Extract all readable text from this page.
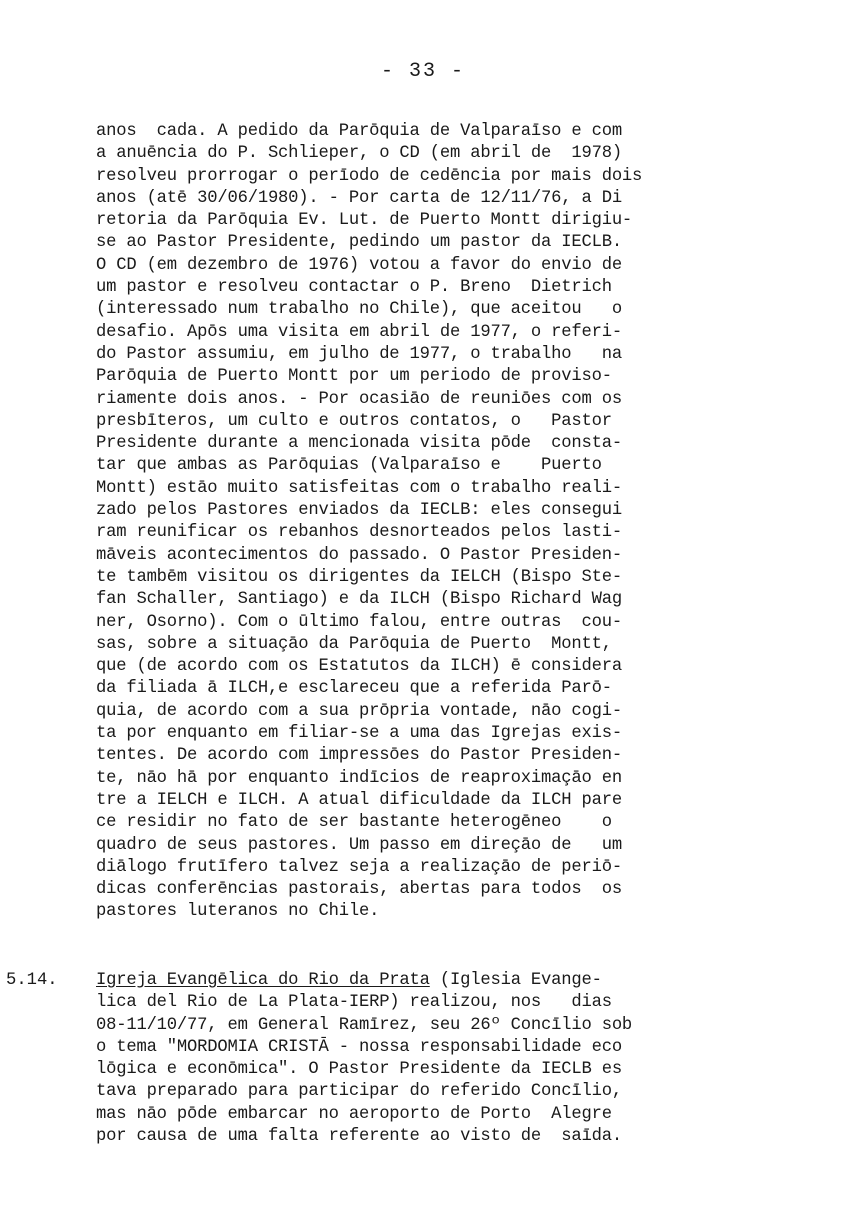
- 33 -
anos  cada. A pedido da Parōquia de Valparaīso e com
a anuēncia do P. Schlieper, o CD (em abril de  1978)
resolveu prorrogar o perīodo de cedēncia por mais dois
anos (atē 30/06/1980). - Por carta de 12/11/76, a Di
retoria da Parōquia Ev. Lut. de Puerto Montt dirigiu-
se ao Pastor Presidente, pedindo um pastor da IECLB.
O CD (em dezembro de 1976) votou a favor do envio de
um pastor e resolveu contactar o P. Breno  Dietrich
(interessado num trabalho no Chile), que aceitou   o
desafio. Apōs uma visita em abril de 1977, o referi-
do Pastor assumiu, em julho de 1977, o trabalho   na
Parōquia de Puerto Montt por um periodo de proviso-
riamente dois anos. - Por ocasiāo de reuniōes com os
presbīteros, um culto e outros contatos, o   Pastor
Presidente durante a mencionada visita pōde  consta-
tar que ambas as Parōquias (Valparaīso e    Puerto
Montt) estāo muito satisfeitas com o trabalho reali-
zado pelos Pastores enviados da IECLB: eles consegui
ram reunificar os rebanhos desnorteados pelos lasti-
māveis acontecimentos do passado. O Pastor Presiden-
te tambēm visitou os dirigentes da IELCH (Bispo Ste-
fan Schaller, Santiago) e da ILCH (Bispo Richard Wag
ner, Osorno). Com o ūltimo falou, entre outras  cou-
sas, sobre a situaçāo da Parōquia de Puerto  Montt,
que (de acordo com os Estatutos da ILCH) ē considera
da filiada ā ILCH,e esclareceu que a referida Parō-
quia, de acordo com a sua prōpria vontade, nāo cogi-
ta por enquanto em filiar-se a uma das Igrejas exis-
tentes. De acordo com impressōes do Pastor Presiden-
te, nāo hā por enquanto indīcios de reaproximaçāo en
tre a IELCH e ILCH. A atual dificuldade da ILCH pare
ce residir no fato de ser bastante heterogēneo    o
quadro de seus pastores. Um passo em direçāo de   um
diālogo frutīfero talvez seja a realizaçāo de periō-
dicas conferēncias pastorais, abertas para todos  os
pastores luteranos no Chile.
5.14. Igreja Evangēlica do Rio da Prata (Iglesia Evange-
lica del Rio de La Plata-IERP) realizou, nos   dias
08-11/10/77, em General Ramīrez, seu 26º Concīlio sob
o tema "MORDOMIA CRISTĀ - nossa responsabilidade eco
lōgica e econōmica". O Pastor Presidente da IECLB es
tava preparado para participar do referido Concīlio,
mas nāo pōde embarcar no aeroporto de Porto  Alegre
por causa de uma falta referente ao visto de  saīda.
